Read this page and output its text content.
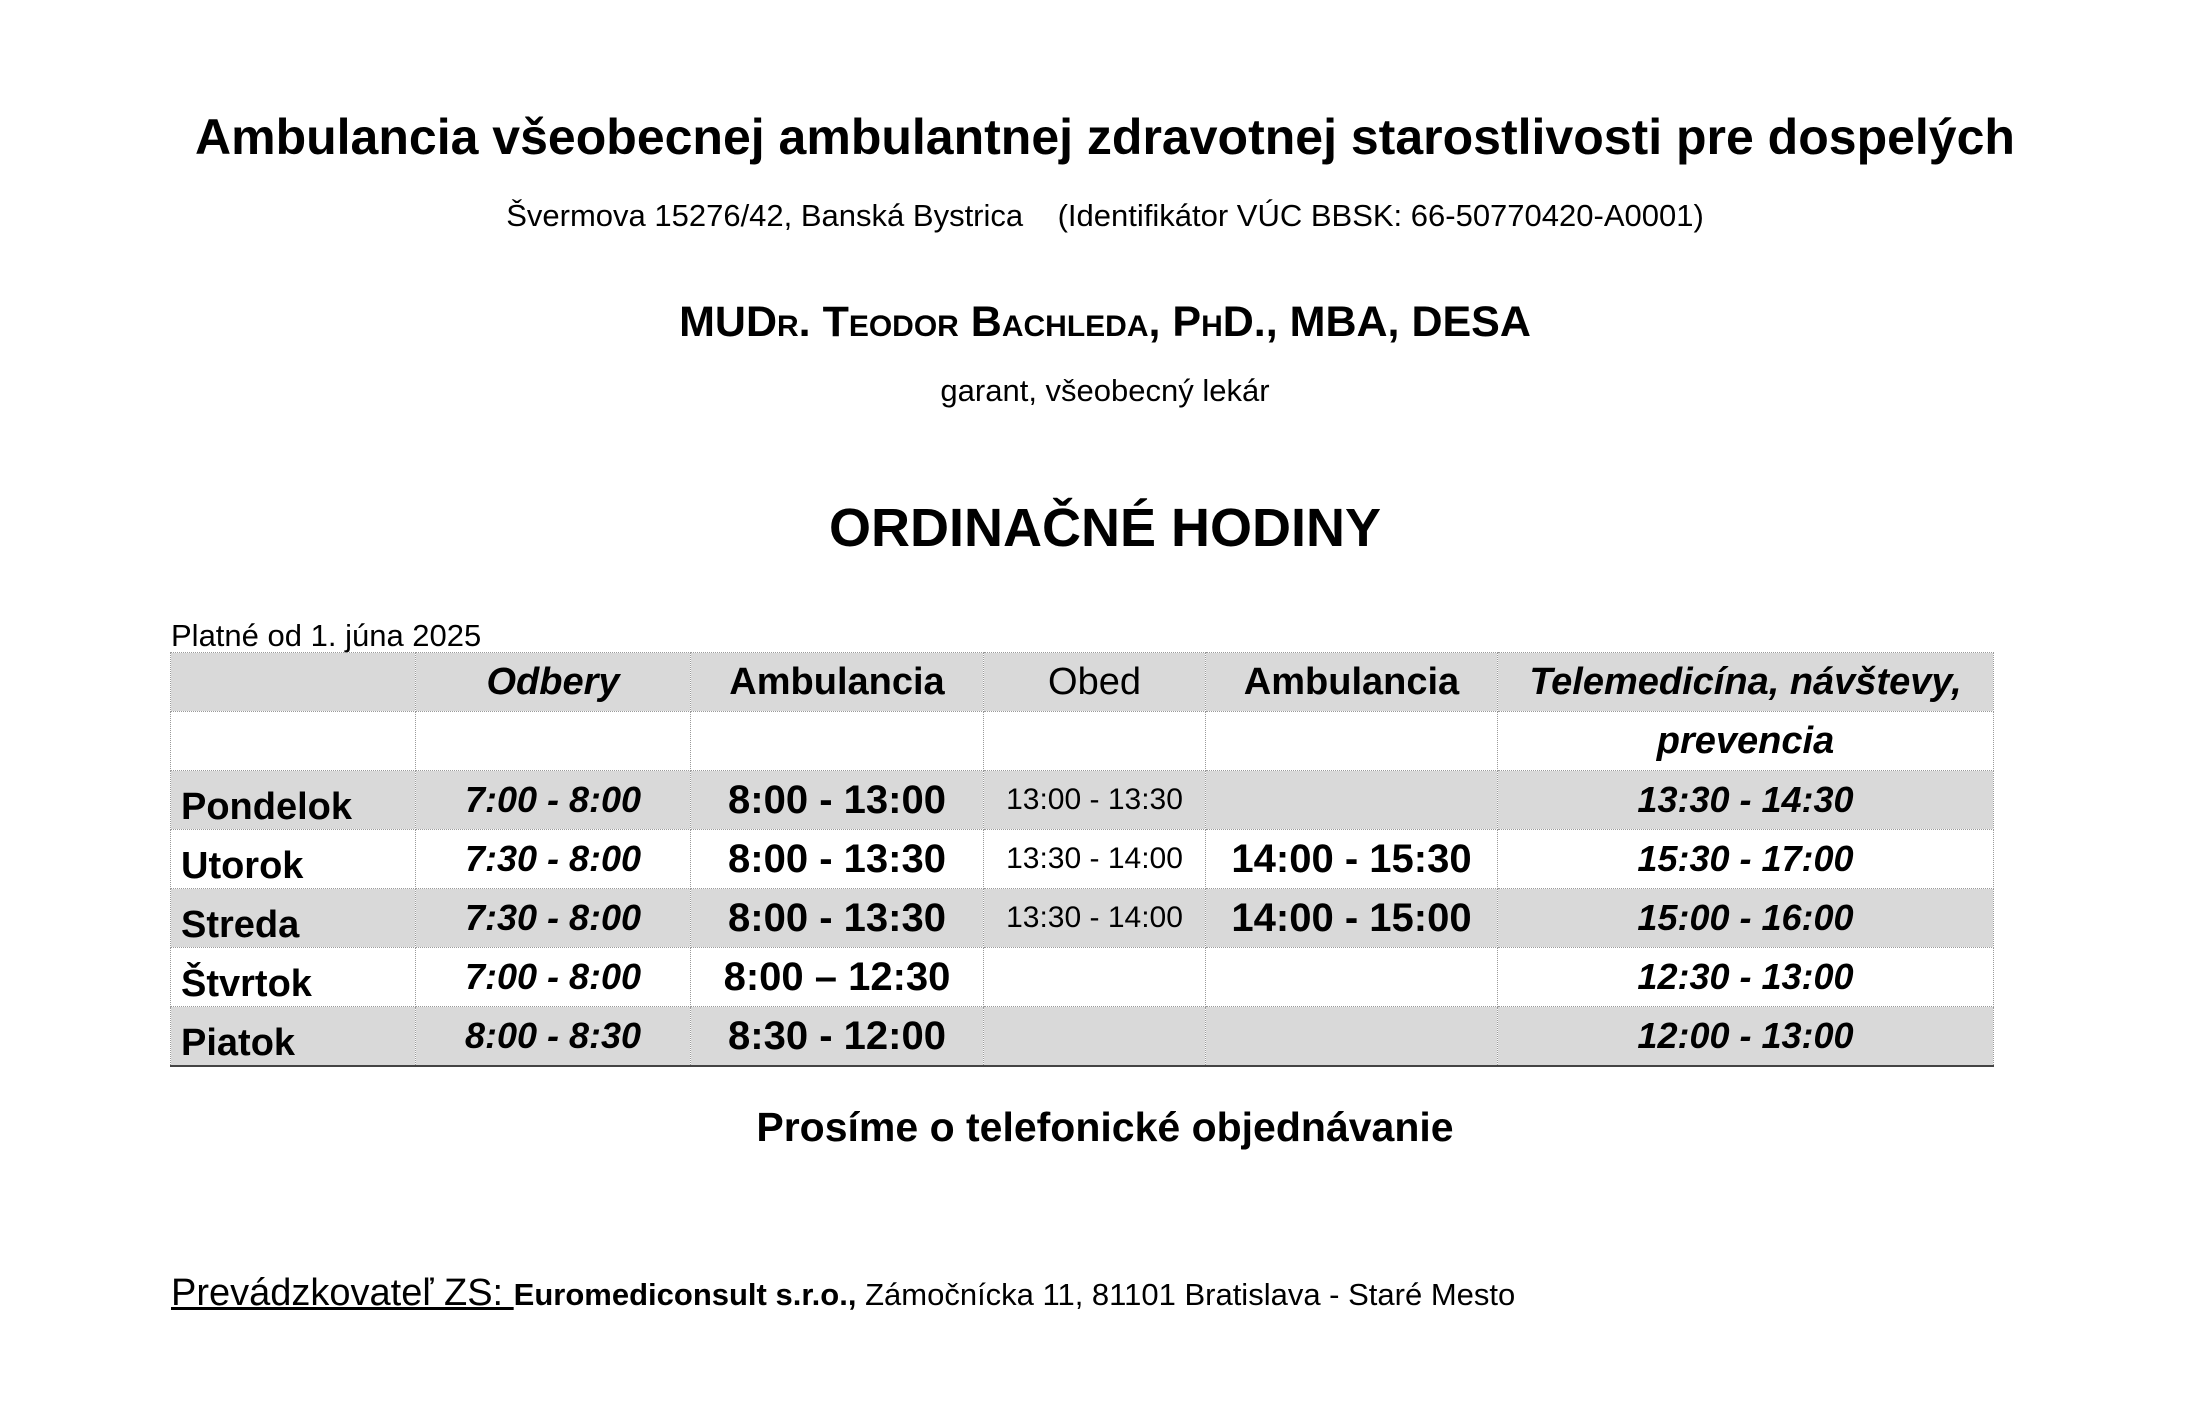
Ambulancia všeobecnej ambulantnej zdravotnej starostlivosti pre dospelých
Švermova 15276/42, Banská Bystrica    (Identifikátor VÚC BBSK: 66-50770420-A0001)
MUDr. Teodor Bachleda, PhD., MBA, DESA
garant, všeobecný lekár
ORDINAČNÉ HODINY
Platné od 1. júna 2025
	Odbery	Ambulancia	Obed	Ambulancia	Telemedicína, návštevy,
					prevencia
Pondelok	7:00 - 8:00	8:00 - 13:00	13:00 - 13:30		13:30 - 14:30
Utorok	7:30 - 8:00	8:00 - 13:30	13:30 - 14:00	14:00 - 15:30	15:30 - 17:00
Streda	7:30 - 8:00	8:00 - 13:30	13:30 - 14:00	14:00 - 15:00	15:00 - 16:00
Štvrtok	7:00 - 8:00	8:00 – 12:30			12:30 - 13:00
Piatok	8:00 - 8:30	8:30 - 12:00			12:00 - 13:00
Prosíme o telefonické objednávanie
Prevádzkovateľ ZS: Euromediconsult s.r.o., Zámočnícka 11, 81101 Bratislava - Staré Mesto
